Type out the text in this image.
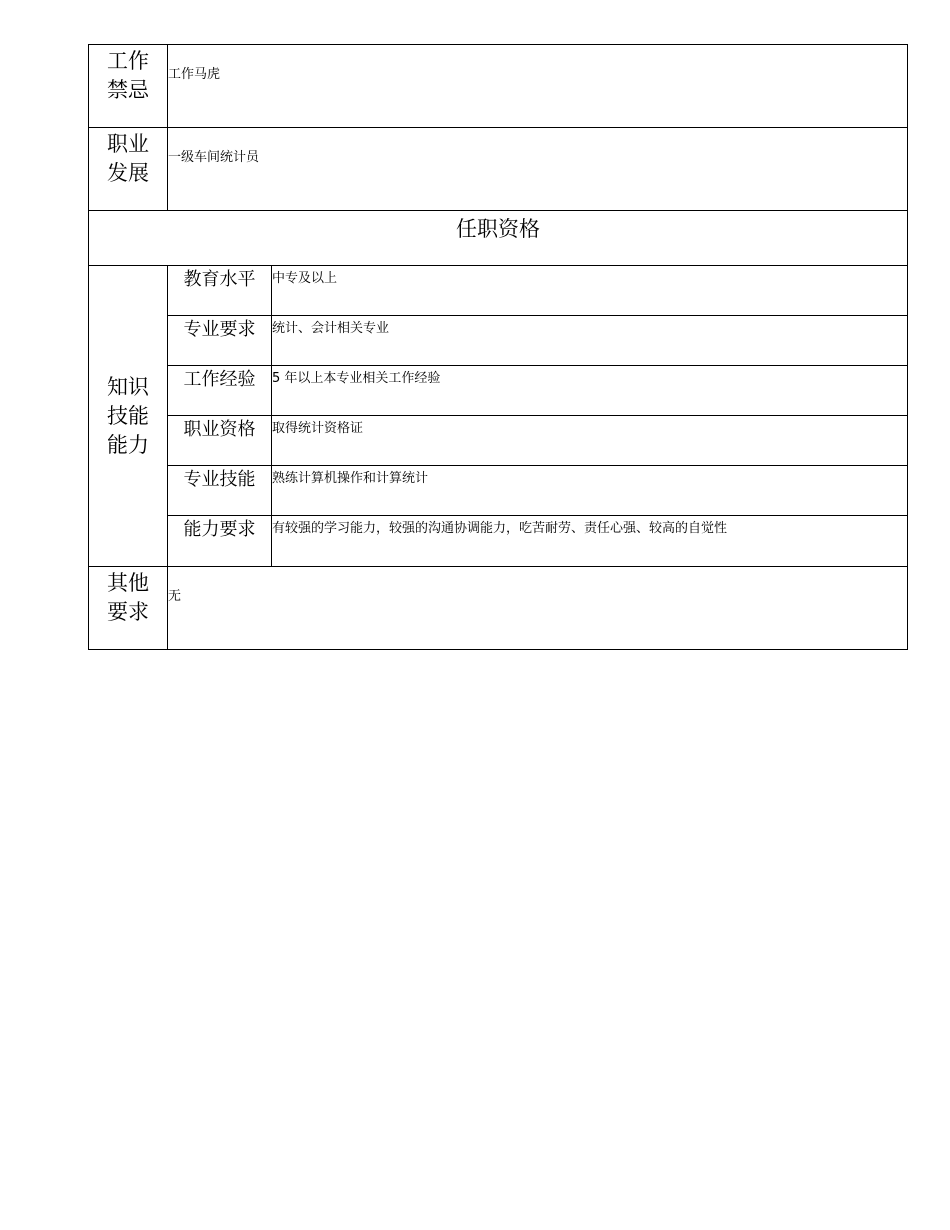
工作禁忌	工作马虎	

职业发展	一级车间统计员	
任职资格		

知识技能能力	教育水平	中专及以上
	专业要求	统计、会计相关专业
	工作经验	5 年以上本专业相关工作经验
	职业资格	取得统计资格证
	专业技能	熟练计算机操作和计算统计
	能力要求	有较强的学习能力，较强的沟通协调能力，吃苦耐劳、责任心强、较高的自觉性

其他要求	无	
